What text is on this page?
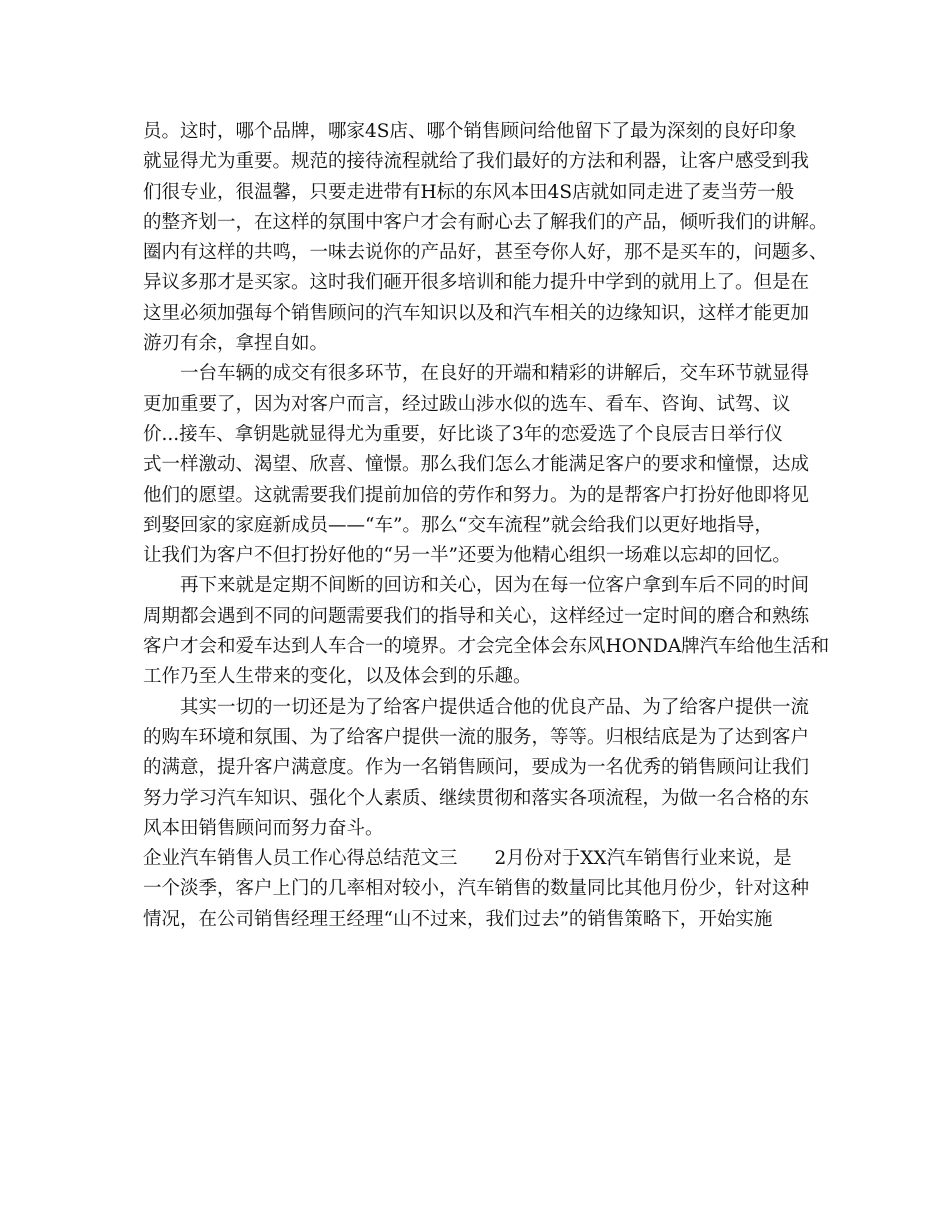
员。这时，哪个品牌，哪家4S店、哪个销售顾问给他留下了最为深刻的良好印象
就显得尤为重要。规范的接待流程就给了我们最好的方法和利器，让客户感受到我
们很专业，很温馨，只要走进带有H标的东风本田4S店就如同走进了麦当劳一般
的整齐划一，在这样的氛围中客户才会有耐心去了解我们的产品，倾听我们的讲解。
圈内有这样的共鸣，一味去说你的产品好，甚至夸你人好，那不是买车的，问题多、
异议多那才是买家。这时我们砸开很多培训和能力提升中学到的就用上了。但是在
这里必须加强每个销售顾问的汽车知识以及和汽车相关的边缘知识，这样才能更加
游刃有余，拿捏自如。
　　一台车辆的成交有很多环节，在良好的开端和精彩的讲解后，交车环节就显得
更加重要了，因为对客户而言，经过跋山涉水似的选车、看车、咨询、试驾、议
价...接车、拿钥匙就显得尤为重要，好比谈了3年的恋爱选了个良辰吉日举行仪
式一样激动、渴望、欣喜、憧憬。那么我们怎么才能满足客户的要求和憧憬，达成
他们的愿望。这就需要我们提前加倍的劳作和努力。为的是帮客户打扮好他即将见
到娶回家的家庭新成员——“车”。那么“交车流程”就会给我们以更好地指导，
让我们为客户不但打扮好他的“另一半”还要为他精心组织一场难以忘却的回忆。
　　再下来就是定期不间断的回访和关心，因为在每一位客户拿到车后不同的时间
周期都会遇到不同的问题需要我们的指导和关心，这样经过一定时间的磨合和熟练
客户才会和爱车达到人车合一的境界。才会完全体会东风HONDA牌汽车给他生活和
工作乃至人生带来的变化，以及体会到的乐趣。
　　其实一切的一切还是为了给客户提供适合他的优良产品、为了给客户提供一流
的购车环境和氛围、为了给客户提供一流的服务，等等。归根结底是为了达到客户
的满意，提升客户满意度。作为一名销售顾问，要成为一名优秀的销售顾问让我们
努力学习汽车知识、强化个人素质、继续贯彻和落实各项流程，为做一名合格的东
风本田销售顾问而努力奋斗。
企业汽车销售人员工作心得总结范文三　　2月份对于XX汽车销售行业来说，是
一个淡季，客户上门的几率相对较小，汽车销售的数量同比其他月份少，针对这种
情况，在公司销售经理王经理“山不过来，我们过去”的销售策略下，开始实施
